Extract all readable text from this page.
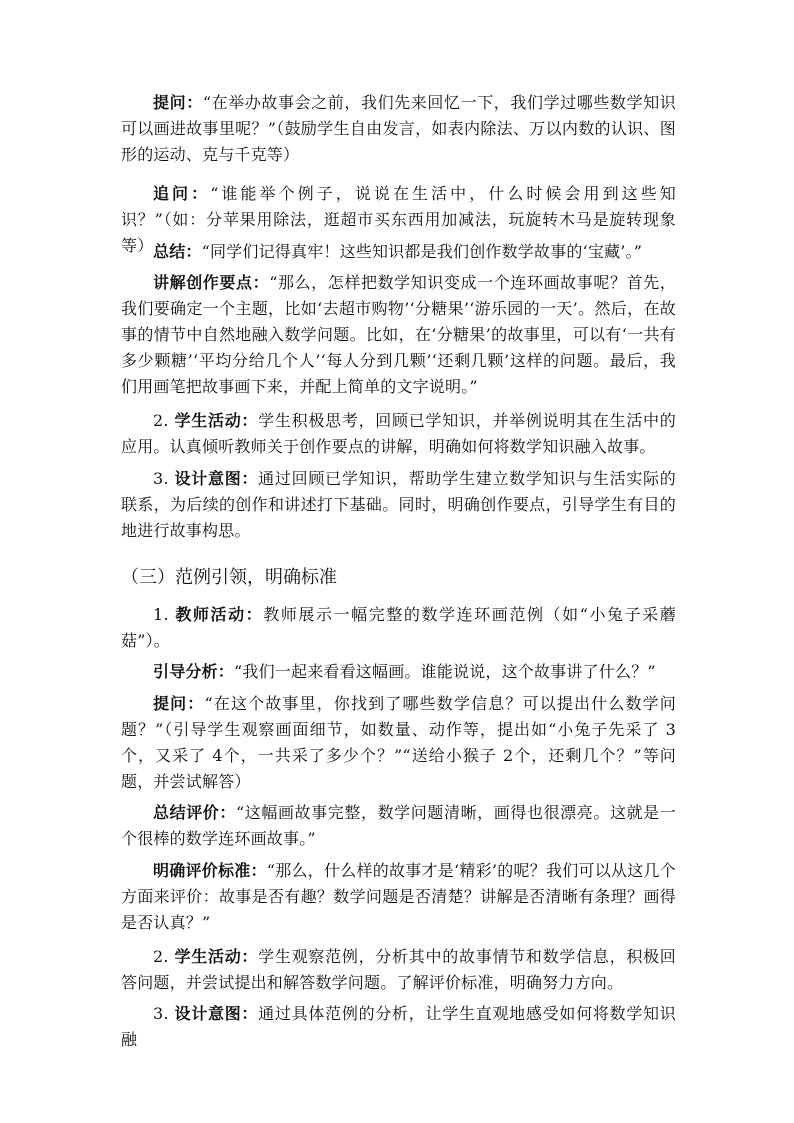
提问：“在举办故事会之前，我们先来回忆一下，我们学过哪些数学知识可以画进故事里呢？”（鼓励学生自由发言，如表内除法、万以内数的认识、图形的运动、克与千克等）

追问：“谁能举个例子，说说在生活中，什么时候会用到这些知识？”（如：分苹果用除法，逛超市买东西用加减法，玩旋转木马是旋转现象等） 总结：“同学们记得真牢！这些知识都是我们创作数学故事的‘宝藏’。”

讲解创作要点：“那么，怎样把数学知识变成一个连环画故事呢？首先，我们要确定一个主题，比如‘去超市购物’‘分糖果’‘游乐园的一天’。然后，在故事的情节中自然地融入数学问题。比如，在‘分糖果’的故事里，可以有‘一共有多少颗糖’‘平均分给几个人’‘每人分到几颗’‘还剩几颗’这样的问题。最后，我们用画笔把故事画下来，并配上简单的文字说明。”

2. 学生活动：学生积极思考，回顾已学知识，并举例说明其在生活中的应用。认真倾听教师关于创作要点的讲解，明确如何将数学知识融入故事。

3. 设计意图：通过回顾已学知识，帮助学生建立数学知识与生活实际的联系，为后续的创作和讲述打下基础。同时，明确创作要点，引导学生有目的地进行故事构思。

（三）范例引领，明确标准

1. 教师活动：教师展示一幅完整的数学连环画范例（如“小兔子采蘑菇”）。

引导分析：“我们一起来看看这幅画。谁能说说，这个故事讲了什么？”

提问：“在这个故事里，你找到了哪些数学信息？可以提出什么数学问题？”（引导学生观察画面细节，如数量、动作等，提出如“小兔子先采了 3个，又采了 4个，一共采了多少个？”“送给小猴子 2个，还剩几个？”等问题，并尝试解答）

总结评价：“这幅画故事完整，数学问题清晰，画得也很漂亮。这就是一个很棒的数学连环画故事。”

明确评价标准：“那么，什么样的故事才是‘精彩’的呢？我们可以从这几个方面来评价：故事是否有趣？数学问题是否清楚？讲解是否清晰有条理？画得是否认真？”

2. 学生活动：学生观察范例，分析其中的故事情节和数学信息，积极回答问题，并尝试提出和解答数学问题。了解评价标准，明确努力方向。

3. 设计意图：通过具体范例的分析，让学生直观地感受如何将数学知识融
